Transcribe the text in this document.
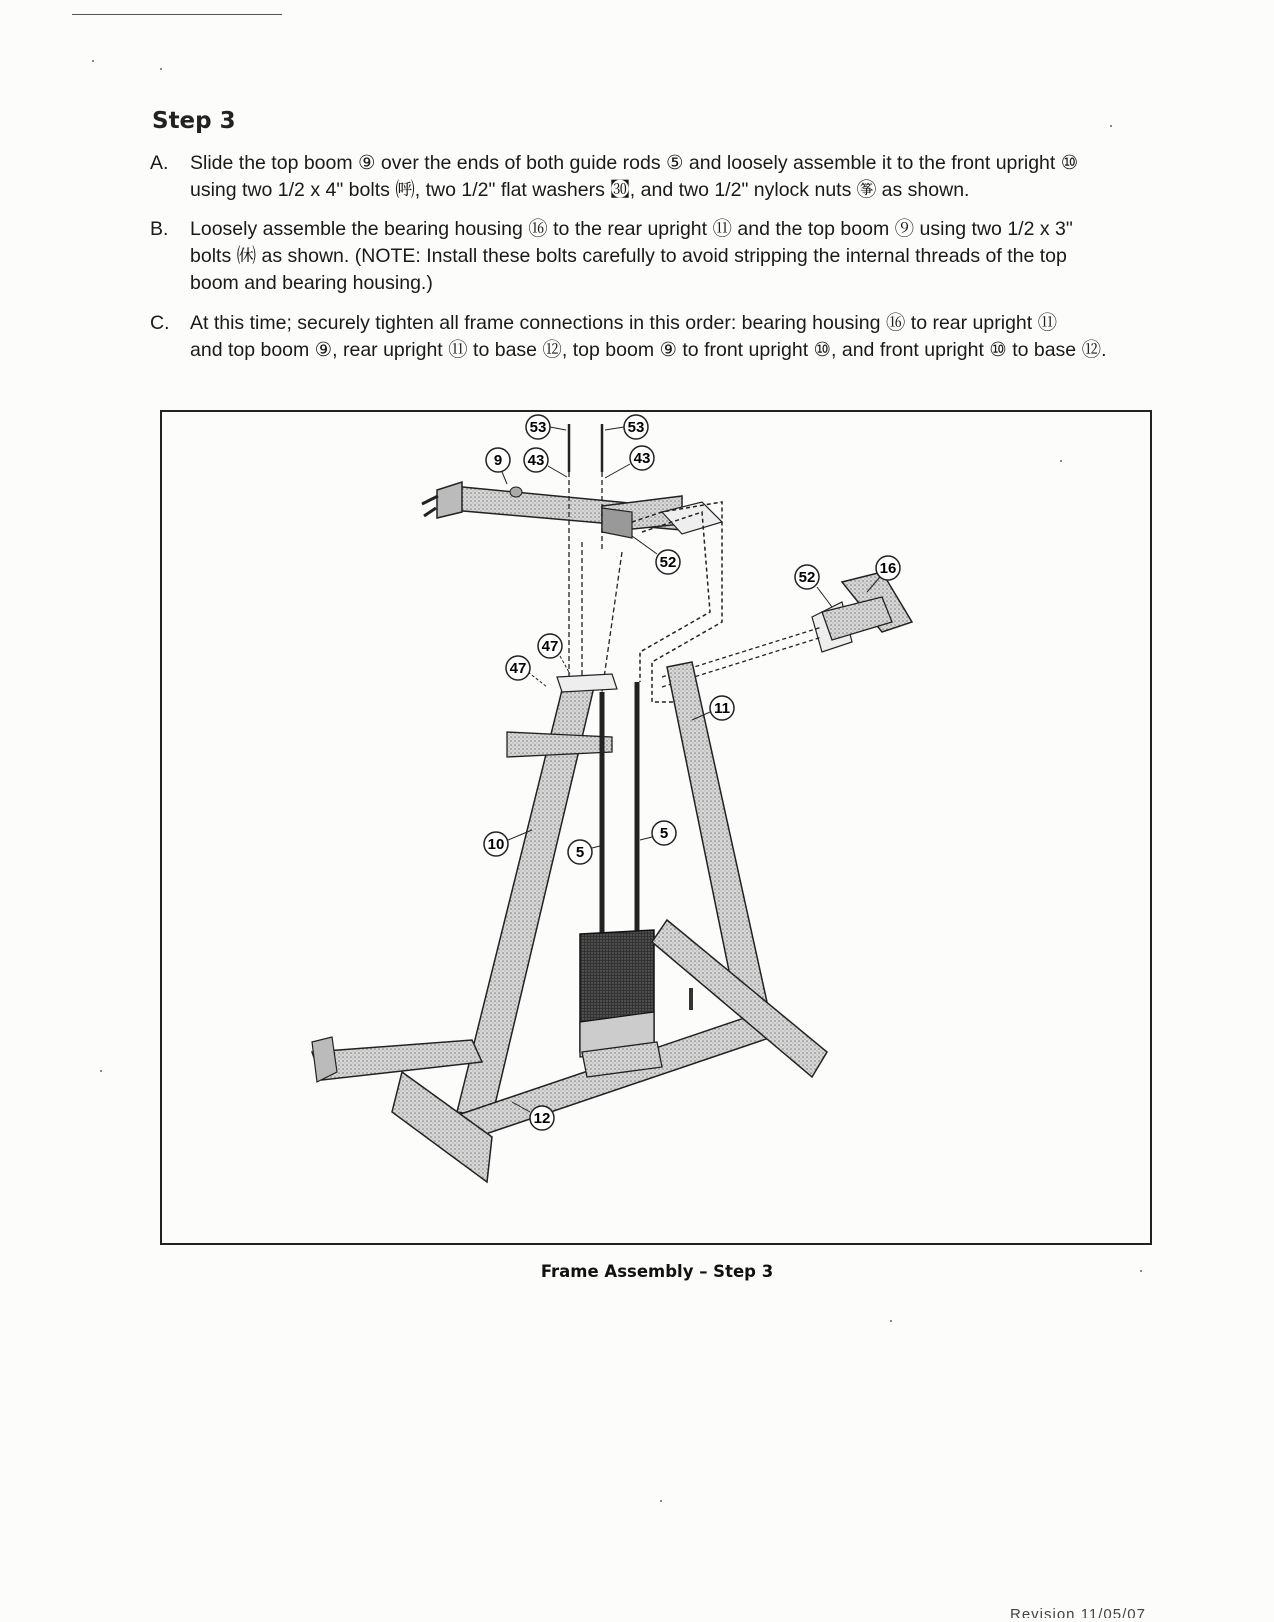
Step 3
A. Slide the top boom ⑨ over the ends of both guide rods ⑤ and loosely assemble it to the front upright ⑩
using two 1/2 x 4" bolts ㈺, two 1/2" flat washers ㉊, and two 1/2" nylock nuts ㉇ as shown.
B. Loosely assemble the bearing housing ⑯ to the rear upright ⑪ and the top boom ⑨ using two 1/2 x 3"
bolts ㉁ as shown. (NOTE: Install these bolts carefully to avoid stripping the internal threads of the top
boom and bearing housing.)
C. At this time; securely tighten all frame connections in this order: bearing housing ⑯ to rear upright ⑪
and top boom ⑨, rear upright ⑪ to base ⑫, top boom ⑨ to front upright ⑩, and front upright ⑩ to base ⑫.
53	53
9 43	43
52
52
16
47
47
11
10	5
5
12
Frame Assembly – Step 3
Revision 11/05/07
